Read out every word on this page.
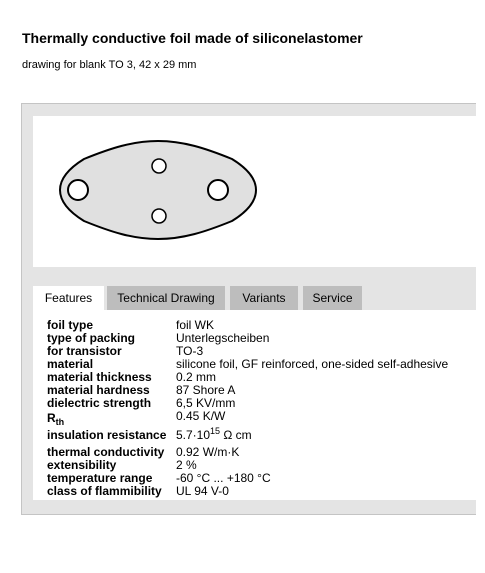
Thermally conductive foil made of siliconelastomer
drawing for blank TO 3, 42 x 29 mm
Features	Technical Drawing	Variants	Service
foil type	foil WK
type of packing	Unterlegscheiben
for transistor	TO-3
material	silicone foil, GF reinforced, one-sided self-adhesive
material thickness	0.2 mm
material hardness	87 Shore A
dielectric strength	6,5 KV/mm
$R_{th}$	0.45 K/W
insulation resistance	$5.7\cdot 10^{15}$ Ω cm
thermal conductivity	0.92 W/m·K
extensibility	2 %
temperature range	-60 °C ... +180 °C
class of flammibility	UL 94 V-0
